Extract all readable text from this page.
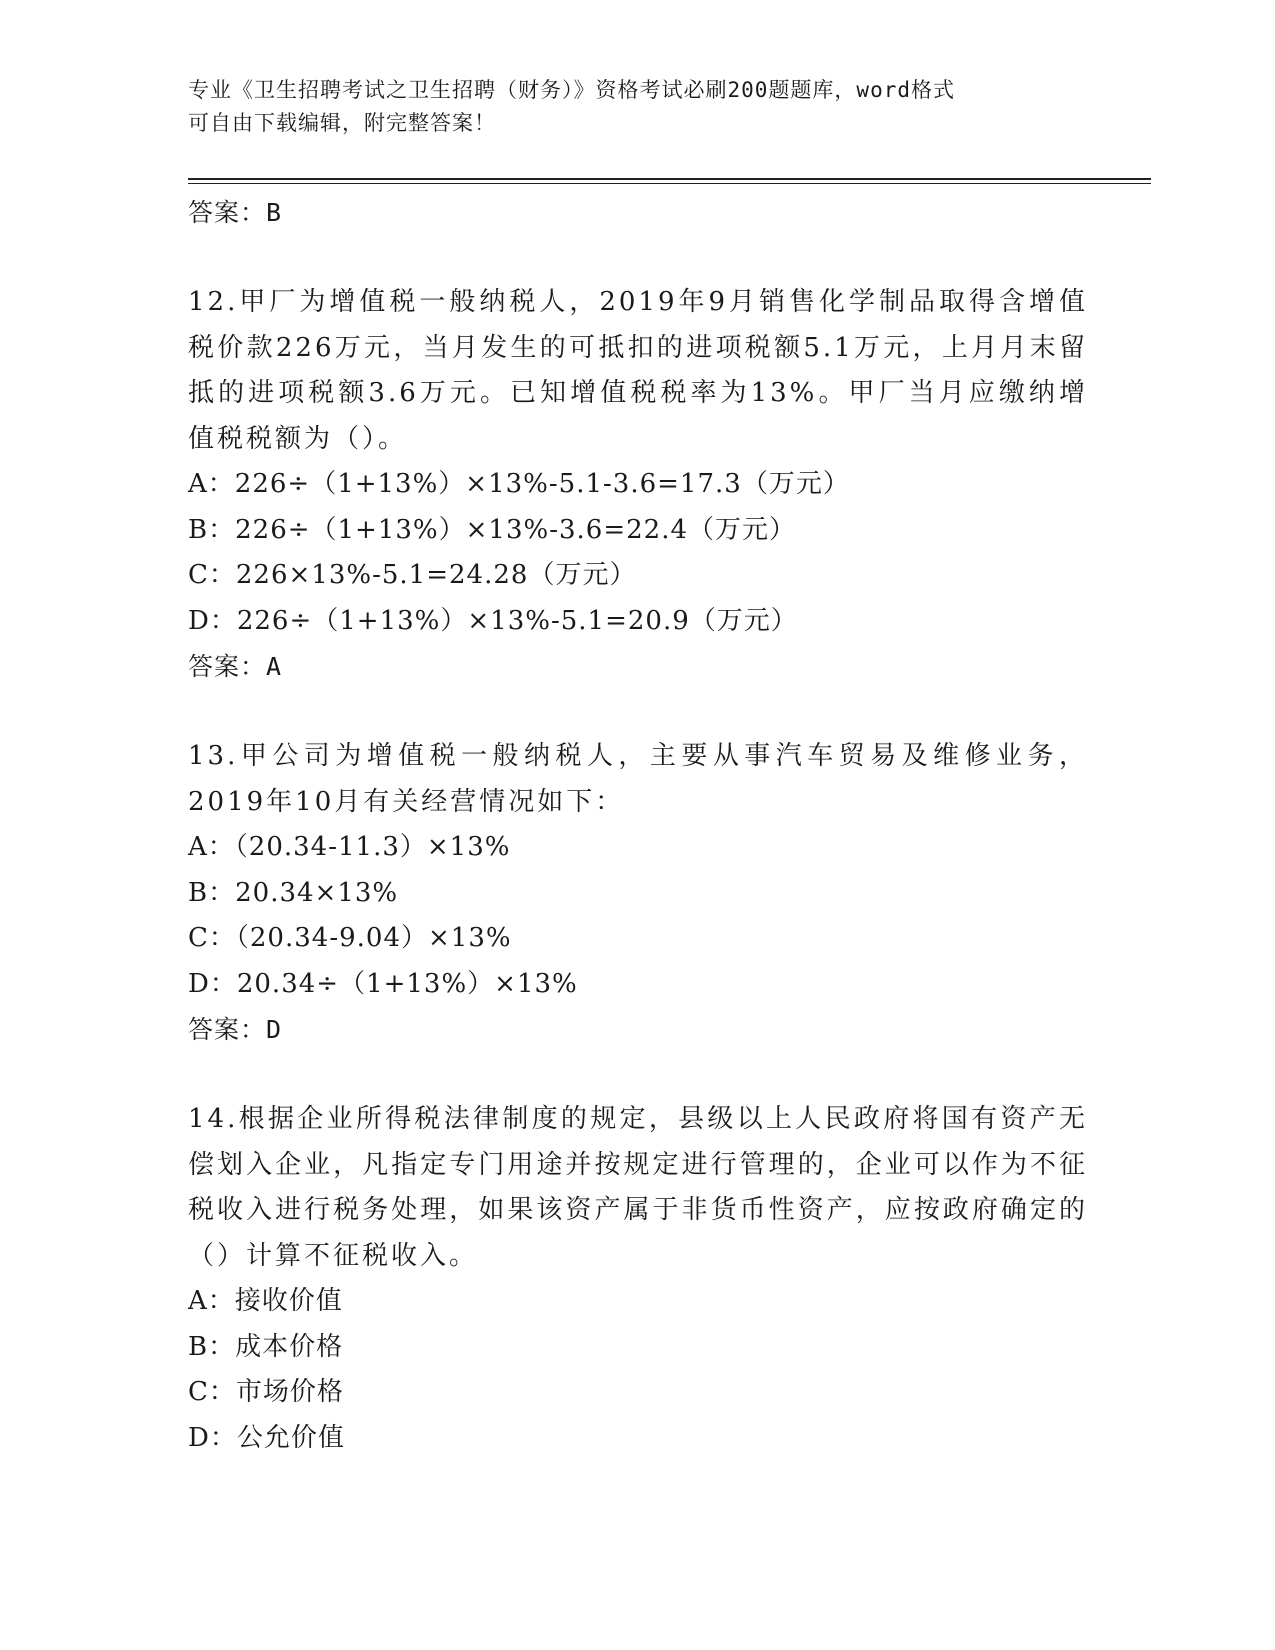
专业《卫生招聘考试之卫生招聘（财务）》资格考试必刷200题题库，word格式
可自由下载编辑，附完整答案！

答案：B

12.甲厂为增值税一般纳税人，2019年9月销售化学制品取得含增值税价款226万元，当月发生的可抵扣的进项税额5.1万元，上月月末留抵的进项税额3.6万元。已知增值税税率为13%。甲厂当月应缴纳增值税税额为（）。

A：226÷（1+13%）×13%-5.1-3.6=17.3（万元）

B：226÷（1+13%）×13%-3.6=22.4（万元）

C：226×13%-5.1=24.28（万元）

D：226÷（1+13%）×13%-5.1=20.9（万元）

答案：A

13.甲公司为增值税一般纳税人，主要从事汽车贸易及维修业务，2019年10月有关经营情况如下：

A：（20.34-11.3）×13%

B：20.34×13%

C：（20.34-9.04）×13%

D：20.34÷（1+13%）×13%

答案：D

14.根据企业所得税法律制度的规定，县级以上人民政府将国有资产无偿划入企业，凡指定专门用途并按规定进行管理的，企业可以作为不征税收入进行税务处理，如果该资产属于非货币性资产，应按政府确定的（）计算不征税收入。

A：接收价值

B：成本价格

C：市场价格

D：公允价值
